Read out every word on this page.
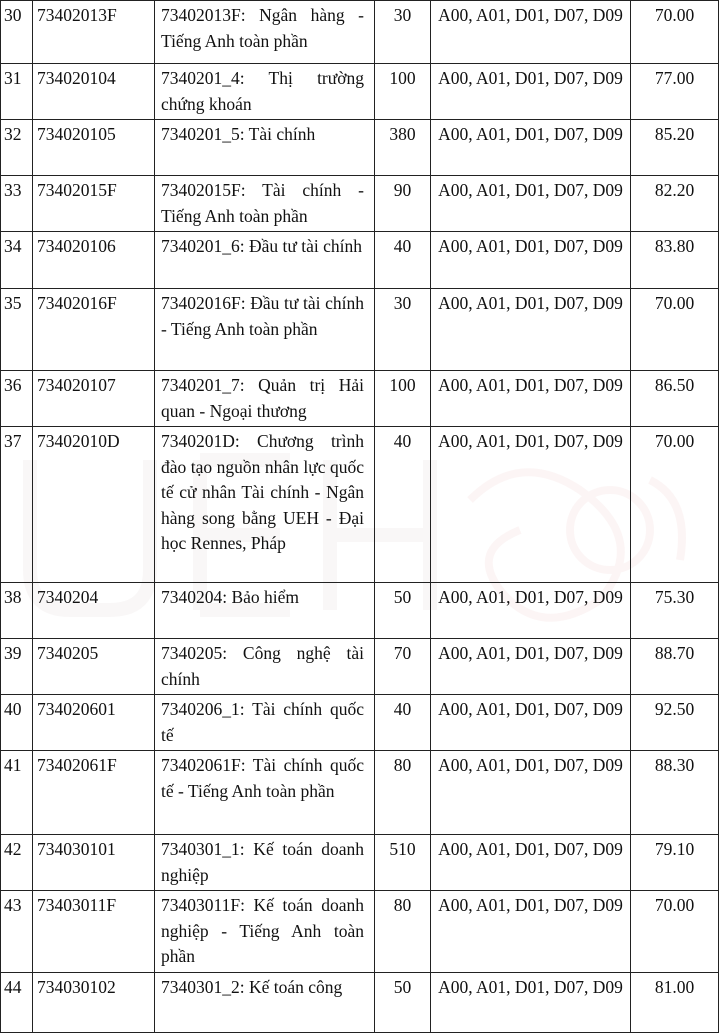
30	73402013F	73402013F: Ngân hàng - Tiếng Anh toàn phần	30	A00, A01, D01, D07, D09	70.00
31	734020104	7340201_4: Thị trường chứng khoán	100	A00, A01, D01, D07, D09	77.00
32	734020105	7340201_5: Tài chính	380	A00, A01, D01, D07, D09	85.20
33	73402015F	73402015F: Tài chính - Tiếng Anh toàn phần	90	A00, A01, D01, D07, D09	82.20
34	734020106	7340201_6: Đầu tư tài chính	40	A00, A01, D01, D07, D09	83.80
35	73402016F	73402016F: Đầu tư tài chính - Tiếng Anh toàn phần	30	A00, A01, D01, D07, D09	70.00
36	734020107	7340201_7: Quản trị Hải quan - Ngoại thương	100	A00, A01, D01, D07, D09	86.50
37	73402010D	7340201D: Chương trình đào tạo nguồn nhân lực quốc tế cử nhân Tài chính - Ngân hàng song bằng UEH - Đại học Rennes, Pháp	40	A00, A01, D01, D07, D09	70.00
38	7340204	7340204: Bảo hiểm	50	A00, A01, D01, D07, D09	75.30
39	7340205	7340205: Công nghệ tài chính	70	A00, A01, D01, D07, D09	88.70
40	734020601	7340206_1: Tài chính quốc tế	40	A00, A01, D01, D07, D09	92.50
41	73402061F	73402061F: Tài chính quốc tế - Tiếng Anh toàn phần	80	A00, A01, D01, D07, D09	88.30
42	734030101	7340301_1: Kế toán doanh nghiệp	510	A00, A01, D01, D07, D09	79.10
43	73403011F	73403011F: Kế toán doanh nghiệp - Tiếng Anh toàn phần	80	A00, A01, D01, D07, D09	70.00
44	734030102	7340301_2: Kế toán công	50	A00, A01, D01, D07, D09	81.00
